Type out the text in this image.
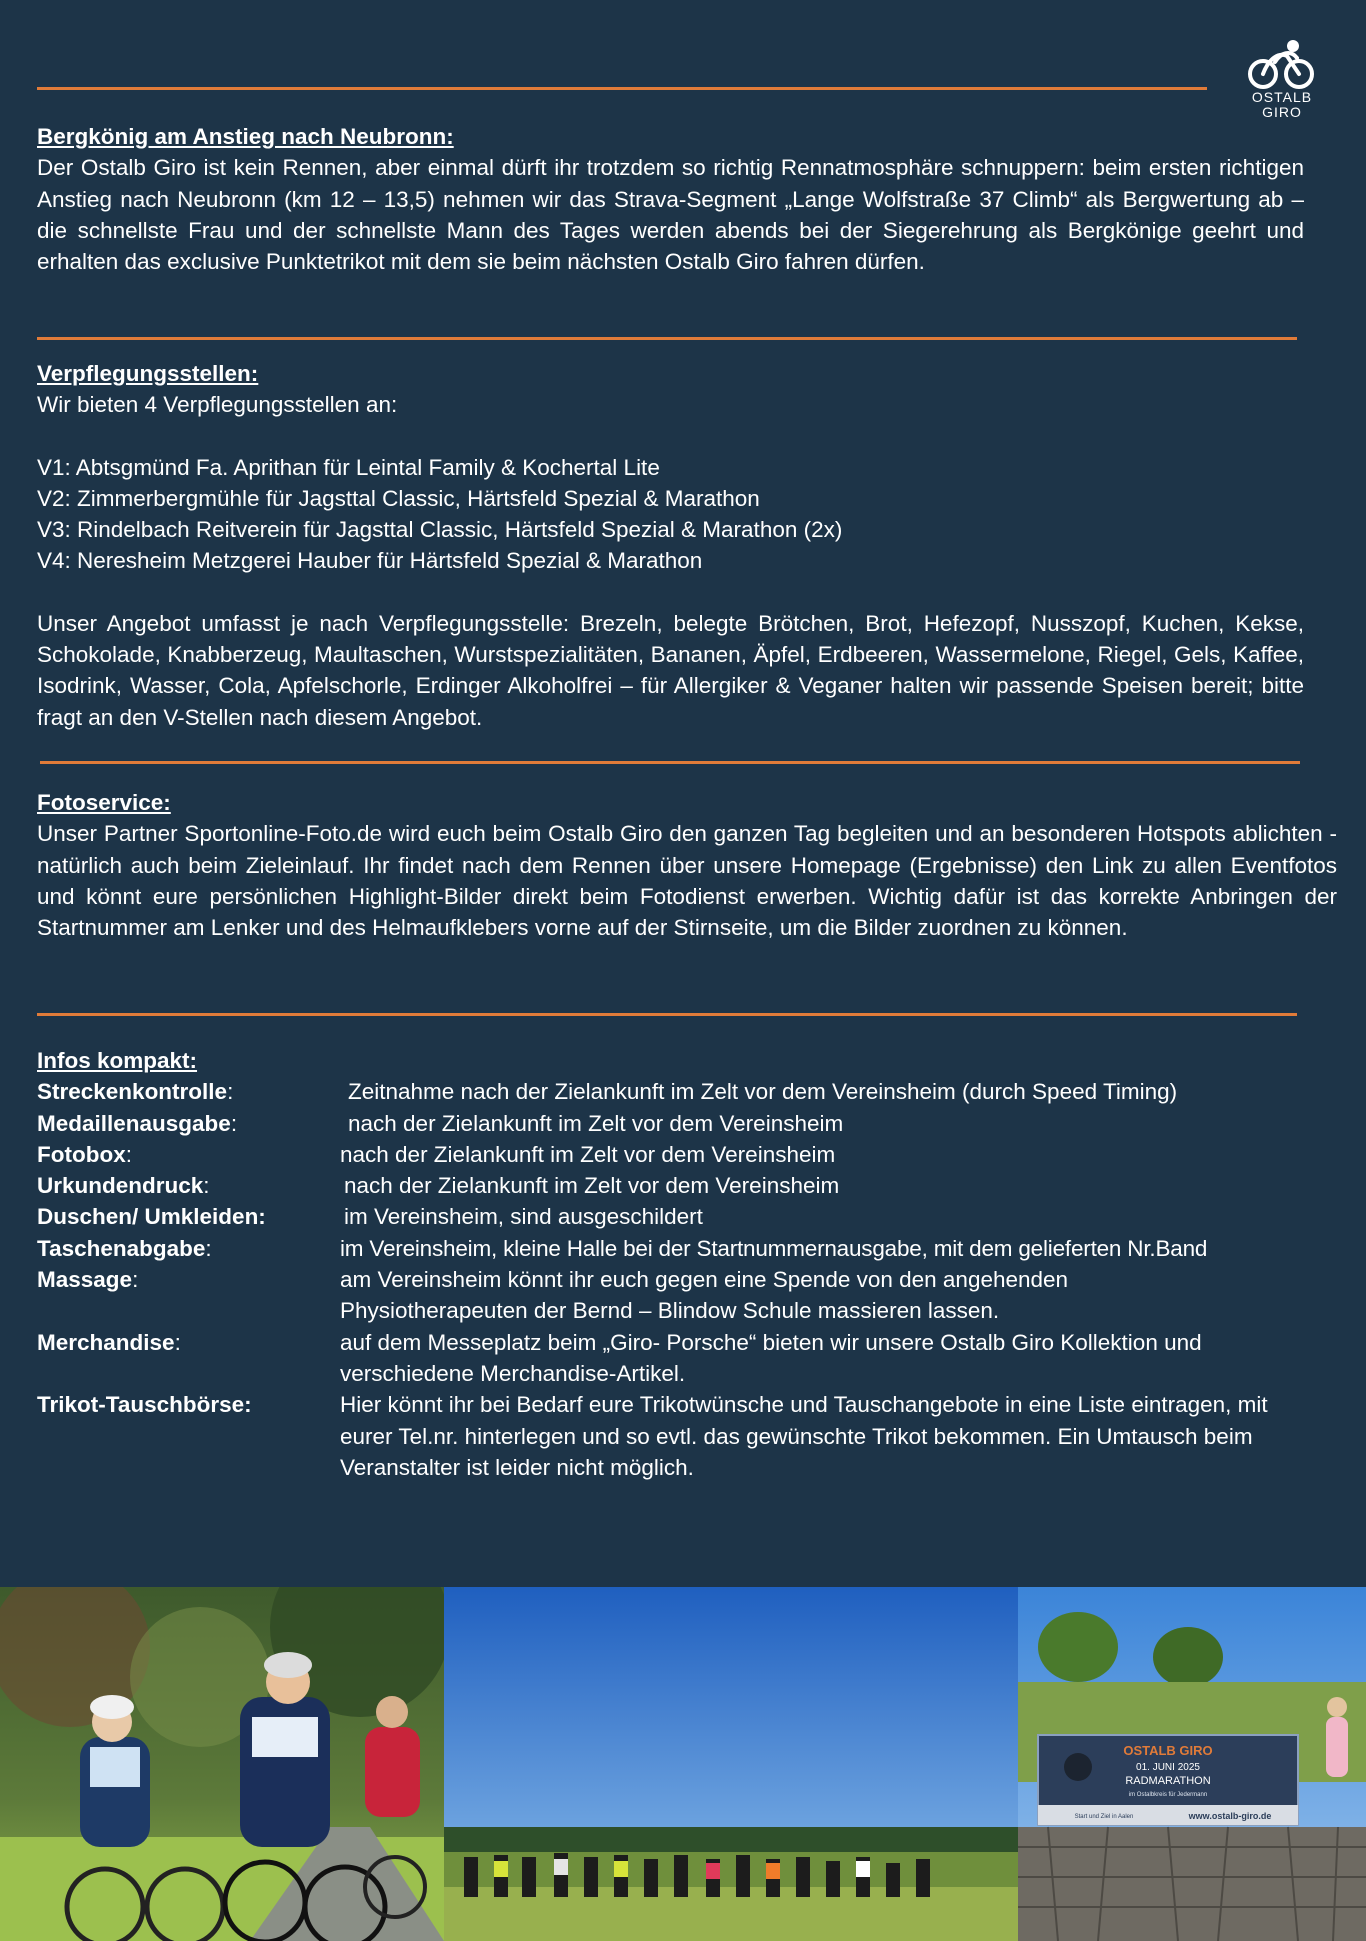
OSTALB
GIRO
Bergkönig am Anstieg nach Neubronn:
Der Ostalb Giro ist kein Rennen, aber einmal dürft ihr trotzdem so richtig Rennatmosphäre schnuppern: beim ersten richtigen Anstieg nach Neubronn (km 12 – 13,5) nehmen wir das Strava-Segment „Lange Wolfstraße 37 Climb“ als Bergwertung ab – die schnellste Frau und der schnellste Mann des Tages werden abends bei der Siegerehrung als Bergkönige geehrt und erhalten das exclusive Punktetrikot mit dem sie beim nächsten Ostalb Giro fahren dürfen.
Verpflegungsstellen:
Wir bieten 4 Verpflegungsstellen an:
V1: Abtsgmünd Fa. Aprithan für Leintal Family & Kochertal Lite
V2: Zimmerbergmühle für Jagsttal Classic, Härtsfeld Spezial & Marathon
V3: Rindelbach Reitverein für Jagsttal Classic, Härtsfeld Spezial & Marathon (2x)
V4: Neresheim Metzgerei Hauber für Härtsfeld Spezial & Marathon
Unser Angebot umfasst je nach Verpflegungsstelle: Brezeln, belegte Brötchen, Brot, Hefezopf, Nusszopf, Kuchen, Kekse, Schokolade, Knabberzeug, Maultaschen, Wurstspezialitäten, Bananen, Äpfel, Erdbeeren, Wassermelone, Riegel, Gels, Kaffee, Isodrink, Wasser, Cola, Apfelschorle, Erdinger Alkoholfrei – für Allergiker & Veganer halten wir passende Speisen bereit; bitte fragt an den V-Stellen nach diesem Angebot.
Fotoservice:
Unser Partner Sportonline-Foto.de wird euch beim Ostalb Giro den ganzen Tag begleiten und an besonderen Hotspots ablichten - natürlich auch beim Zieleinlauf. Ihr findet nach dem Rennen über unsere Homepage (Ergebnisse) den Link zu allen Eventfotos und könnt eure persönlichen Highlight-Bilder direkt beim Fotodienst erwerben. Wichtig dafür ist das korrekte Anbringen der Startnummer am Lenker und des Helmaufklebers vorne auf der Stirnseite, um die Bilder zuordnen zu können.
Infos kompakt:
Streckenkontrolle:	Zeitnahme nach der Zielankunft im Zelt vor dem Vereinsheim (durch Speed Timing)
Medaillenausgabe:	nach der Zielankunft im Zelt vor dem Vereinsheim
Fotobox:	nach der Zielankunft im Zelt vor dem Vereinsheim
Urkundendruck:	nach der Zielankunft im Zelt vor dem Vereinsheim
Duschen/ Umkleiden:	im Vereinsheim, sind ausgeschildert
Taschenabgabe:	im Vereinsheim, kleine Halle bei der Startnummernausgabe, mit dem gelieferten Nr.Band
Massage:	am Vereinsheim könnt ihr euch gegen eine Spende von den angehenden Physiotherapeuten der Bernd – Blindow Schule massieren lassen.
Merchandise:	auf dem Messeplatz beim „Giro- Porsche“ bieten wir unsere Ostalb Giro Kollektion und verschiedene Merchandise-Artikel.
Trikot-Tauschbörse:	Hier könnt ihr bei Bedarf eure Trikotwünsche und Tauschangebote in eine Liste eintragen, mit eurer Tel.nr. hinterlegen und so evtl. das gewünschte Trikot bekommen. Ein Umtausch beim Veranstalter ist leider nicht möglich.
OSTALB GIRO
01. JUNI 2025
RADMARATHON
im Ostalbkreis für Jedermann
Start und Ziel in Aalen	www.ostalb-giro.de
